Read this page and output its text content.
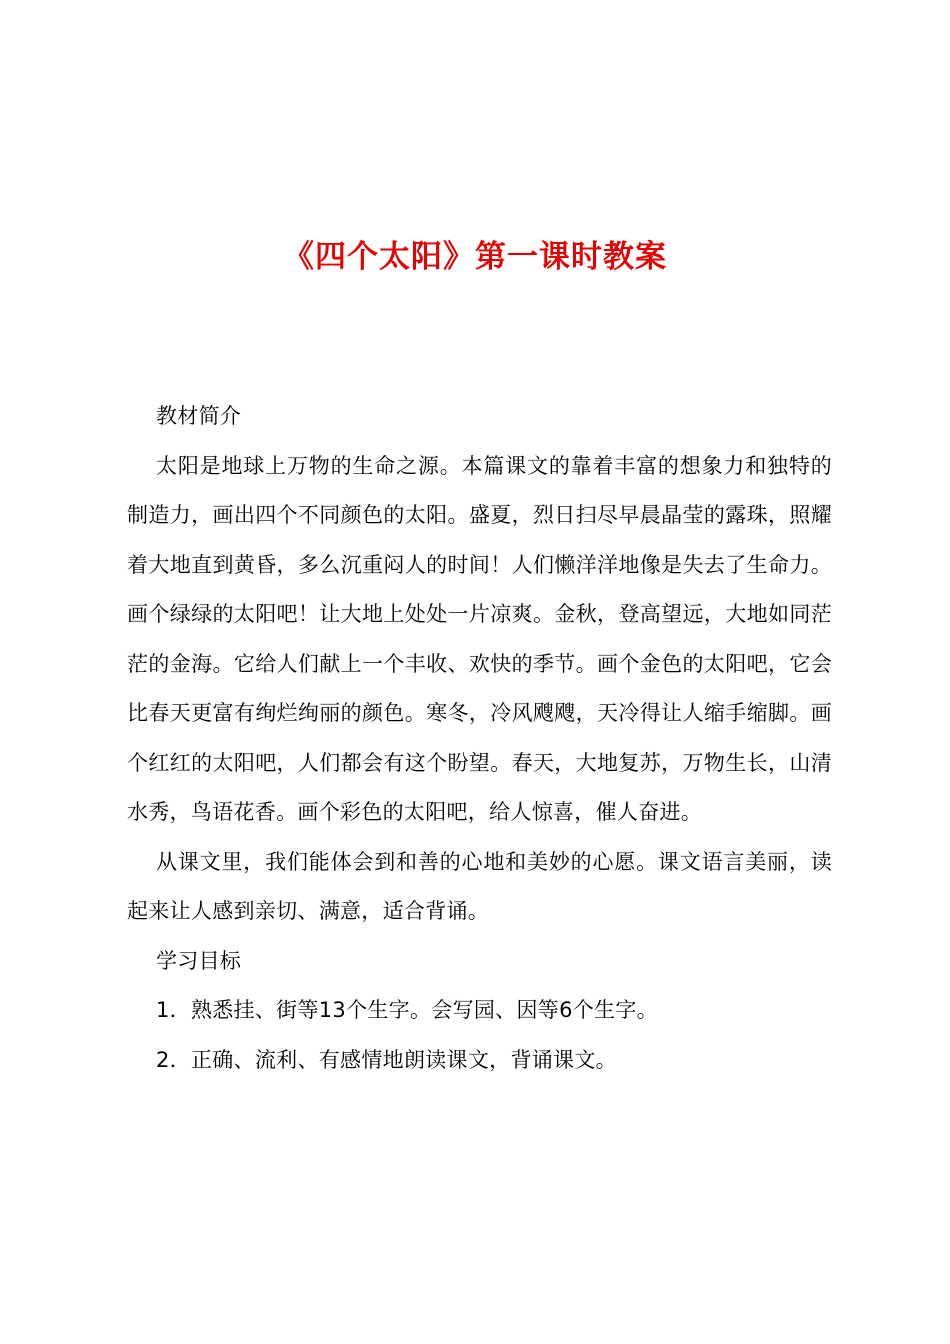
《四个太阳》第一课时教案

教材简介

太阳是地球上万物的生命之源。本篇课文的靠着丰富的想象力和独特的制造力，画出四个不同颜色的太阳。盛夏，烈日扫尽早晨晶莹的露珠，照耀着大地直到黄昏，多么沉重闷人的时间！人们懒洋洋地像是失去了生命力。画个绿绿的太阳吧！让大地上处处一片凉爽。金秋，登高望远，大地如同茫茫的金海。它给人们献上一个丰收、欢快的季节。画个金色的太阳吧，它会比春天更富有绚烂绚丽的颜色。寒冬，冷风飕飕，天冷得让人缩手缩脚。画个红红的太阳吧，人们都会有这个盼望。春天，大地复苏，万物生长，山清水秀，鸟语花香。画个彩色的太阳吧，给人惊喜，催人奋进。

从课文里，我们能体会到和善的心地和美妙的心愿。课文语言美丽，读起来让人感到亲切、满意，适合背诵。

学习目标

1．熟悉挂、街等13个生字。会写园、因等6个生字。

2．正确、流利、有感情地朗读课文，背诵课文。
